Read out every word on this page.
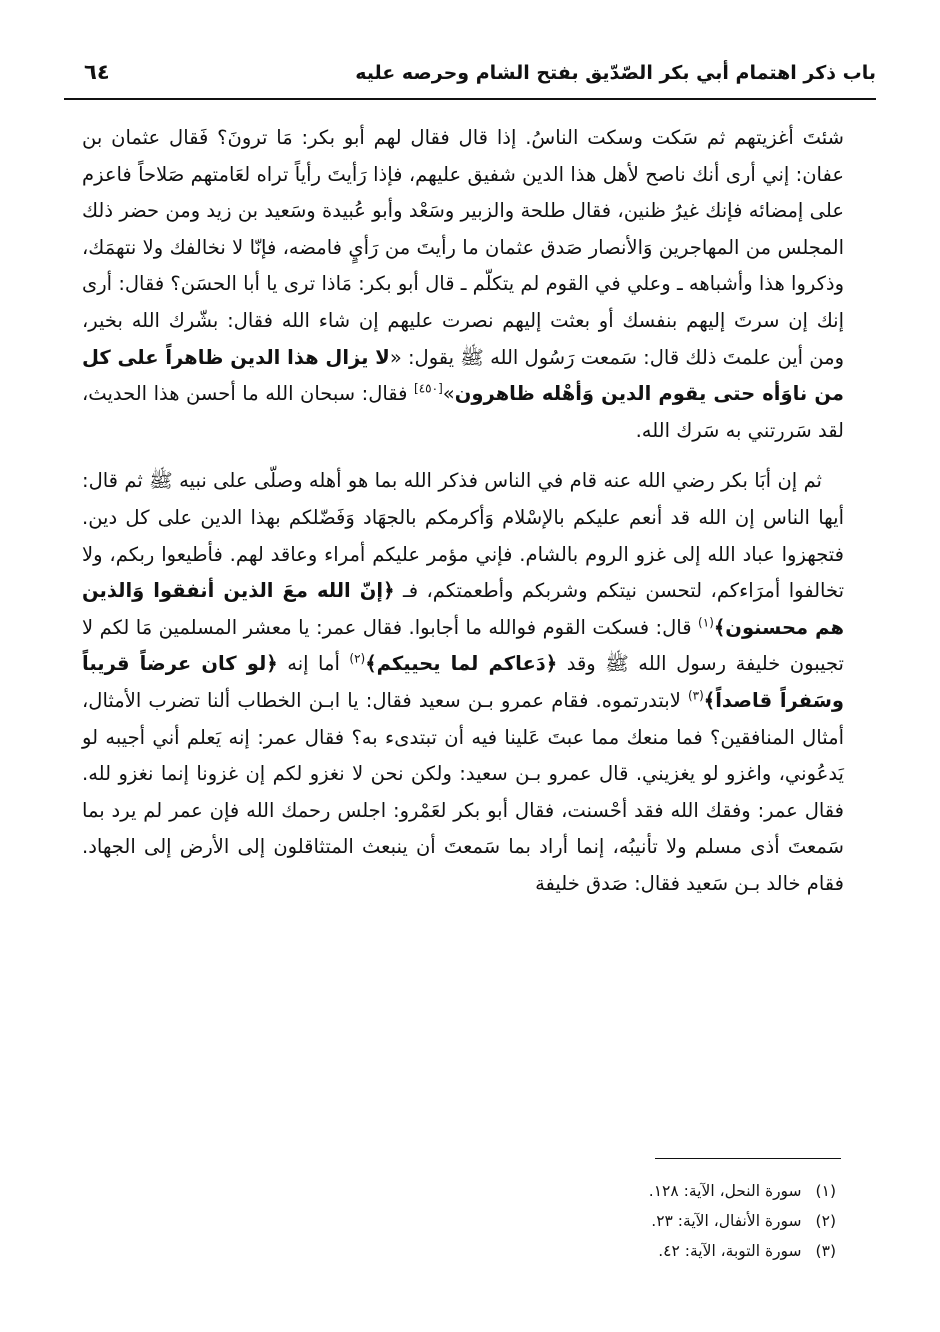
باب ذكر اهتمام أبي بكر الصّدّيق بفتح الشام وحرصه عليه
٦٤

شئتَ أغزيتهم ثم سَكت وسكت الناسُ. إذا قال فقال لهم أبو بكر: مَا ترونَ؟ فَقال عثمان بن عفان: إني أرى أنك ناصح لأهل هذا الدين شفيق عليهم، فإذا رَأيتَ رأياً تراه لعَامتهم صَلاحاً فاعزم على إمضائه فإنك غيرُ ظنين، فقال طلحة والزبير وسَعْد وأبو عُبيدة وسَعيد بن زيد ومن حضر ذلك المجلس من المهاجرين وَالأنصار صَدق عثمان ما رأيتَ من رَأيٍ فامضه، فإنّا لا نخالفك ولا نتهمَك، وذكروا هذا وأشباهه ـ وعلي في القوم لم يتكلّم ـ قال أبو بكر: مَاذا ترى يا أبا الحسَن؟ فقال: أرى إنك إن سرتَ إليهم بنفسك أو بعثت إليهم نصرت عليهم إن شاء الله فقال: بشّرك الله بخير، ومن أين علمتَ ذلك قال: سَمعت رَسُول الله ﷺ يقول: «لا يزال هذا الدين ظاهراً على كل من ناوَأه حتى يقوم الدين وَأهْله ظاهرون»[٤٥٠] فقال: سبحان الله ما أحسن هذا الحديث، لقد سَررتني به سَرك الله.

ثم إن أبَا بكر رضي الله عنه قام في الناس فذكر الله بما هو أهله وصلّى على نبيه ﷺ ثم قال: أيها الناس إن الله قد أنعم عليكم بالإسْلام وَأكرمكم بالجهَاد وَفَضّلكم بهذا الدين على كل دين. فتجهزوا عباد الله إلى غزو الروم بالشام. فإني مؤمر عليكم أمراء وعاقد لهم. فأطيعوا ربكم، ولا تخالفوا أمرَاءكم، لتحسن نيتكم وشربكم وأطعمتكم، فـ ﴿إنّ الله معَ الذين أنفقوا وَالذين هم محسنون﴾$^{(١)}$ قال: فسكت القوم فوالله ما أجابوا. فقال عمر: يا معشر المسلمين مَا لكم لا تجيبون خليفة رسول الله ﷺ وقد ﴿دَعاكم لما يحييكم﴾$^{(٢)}$ أما إنه ﴿لو كان عرضاً قريباً وسَفراً قاصداً﴾$^{(٣)}$ لابتدرتموه. فقام عمرو بـن سعيد فقال: يا ابـن الخطاب ألنا تضرب الأمثال، أمثال المنافقين؟ فما منعك مما عبتَ عَلينا فيه أن تبتدىء به؟ فقال عمر: إنه يَعلم أني أجيبه لو يَدعُوني، واغزو لو يغزيني. قال عمرو بـن سعيد: ولكن نحن لا نغزو لكم إن غزونا إنما نغزو لله. فقال عمر: وفقك الله فقد أحْسنت، فقال أبو بكر لعَمْرو: اجلس رحمك الله فإن عمر لم يرد بما سَمعتَ أذى مسلم ولا تأنيبُه، إنما أراد بما سَمعتَ أن ينبعث المتثاقلون إلى الأرض إلى الجهاد. فقام خالد بـن سَعيد فقال: صَدق خليفة

(١)سورة النحل، الآية: ١٢٨.
(٢)سورة الأنفال، الآية: ٢٣.
(٣)سورة التوبة، الآية: ٤٢.
